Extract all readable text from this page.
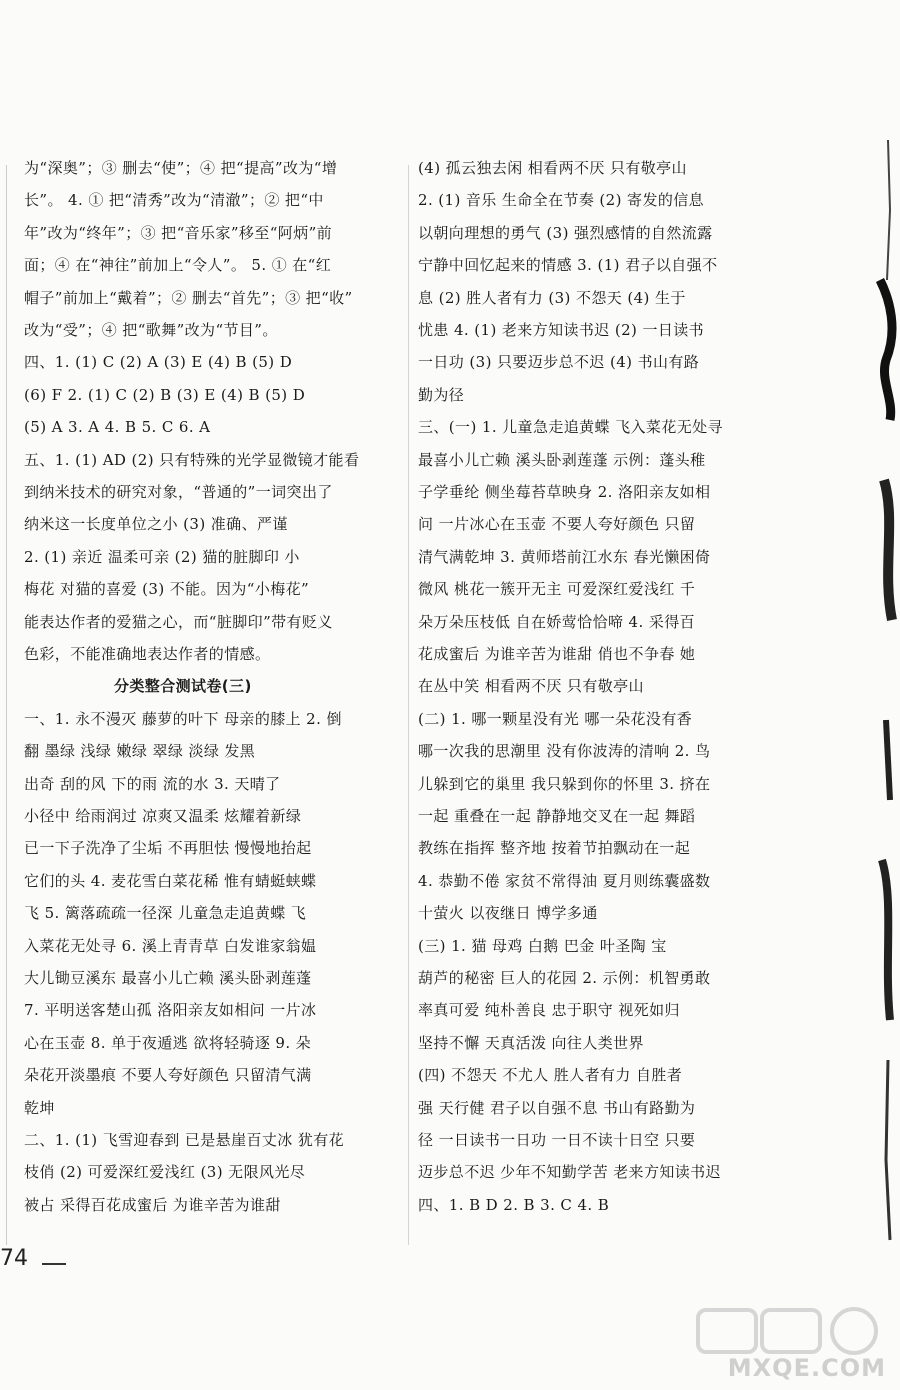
为“深奥”；③ 删去“使”；④ 把“提高”改为“增
长”。 4. ① 把“清秀”改为“清澈”；② 把“中
年”改为“终年”；③ 把“音乐家”移至“阿炳”前
面；④ 在“神往”前加上“令人”。 5. ① 在“红
帽子”前加上“戴着”；② 删去“首先”；③ 把“收”
改为“受”；④ 把“歌舞”改为“节目”。
四、1. (1) C (2) A (3) E (4) B (5) D
(6) F 2. (1) C (2) B (3) E (4) B (5) D
(5) A 3. A 4. B 5. C 6. A
五、1. (1) AD (2) 只有特殊的光学显微镜才能看
到纳米技术的研究对象，“普通的”一词突出了
纳米这一长度单位之小 (3) 准确、严谨
2. (1) 亲近 温柔可亲 (2) 猫的脏脚印 小
梅花 对猫的喜爱 (3) 不能。因为“小梅花”
能表达作者的爱猫之心，而“脏脚印”带有贬义
色彩，不能准确地表达作者的情感。
分类整合测试卷(三)
一、1. 永不漫灭 藤萝的叶下 母亲的膝上 2. 倒
翻 墨绿 浅绿 嫩绿 翠绿 淡绿 发黑
出奇 刮的风 下的雨 流的水 3. 天晴了
小径中 给雨润过 凉爽又温柔 炫耀着新绿
已一下子洗净了尘垢 不再胆怯 慢慢地抬起
它们的头 4. 麦花雪白菜花稀 惟有蜻蜓蛱蝶
飞 5. 篱落疏疏一径深 儿童急走追黄蝶 飞
入菜花无处寻 6. 溪上青青草 白发谁家翁媪
大儿锄豆溪东 最喜小儿亡赖 溪头卧剥莲蓬
7. 平明送客楚山孤 洛阳亲友如相问 一片冰
心在玉壶 8. 单于夜遁逃 欲将轻骑逐 9. 朵
朵花开淡墨痕 不要人夸好颜色 只留清气满
乾坤
二、1. (1) 飞雪迎春到 已是悬崖百丈冰 犹有花
枝俏 (2) 可爱深红爱浅红 (3) 无限风光尽
被占 采得百花成蜜后 为谁辛苦为谁甜
(4) 孤云独去闲 相看两不厌 只有敬亭山
2. (1) 音乐 生命全在节奏 (2) 寄发的信息
以朝向理想的勇气 (3) 强烈感情的自然流露
宁静中回忆起来的情感 3. (1) 君子以自强不
息 (2) 胜人者有力 (3) 不怨天 (4) 生于
忧患 4. (1) 老来方知读书迟 (2) 一日读书
一日功 (3) 只要迈步总不迟 (4) 书山有路
勤为径
三、(一) 1. 儿童急走追黄蝶 飞入菜花无处寻
最喜小儿亡赖 溪头卧剥莲蓬 示例：蓬头稚
子学垂纶 侧坐莓苔草映身 2. 洛阳亲友如相
问 一片冰心在玉壶 不要人夸好颜色 只留
清气满乾坤 3. 黄师塔前江水东 春光懒困倚
微风 桃花一簇开无主 可爱深红爱浅红 千
朵万朵压枝低 自在娇莺恰恰啼 4. 采得百
花成蜜后 为谁辛苦为谁甜 俏也不争春 她
在丛中笑 相看两不厌 只有敬亭山
(二) 1. 哪一颗星没有光 哪一朵花没有香
哪一次我的思潮里 没有你波涛的清响 2. 鸟
儿躲到它的巢里 我只躲到你的怀里 3. 挤在
一起 重叠在一起 静静地交叉在一起 舞蹈
教练在指挥 整齐地 按着节拍飘动在一起
4. 恭勤不倦 家贫不常得油 夏月则练囊盛数
十萤火 以夜继日 博学多通
(三) 1. 猫 母鸡 白鹅 巴金 叶圣陶 宝
葫芦的秘密 巨人的花园 2. 示例：机智勇敢
率真可爱 纯朴善良 忠于职守 视死如归
坚持不懈 天真活泼 向往人类世界
(四) 不怨天 不尤人 胜人者有力 自胜者
强 天行健 君子以自强不息 书山有路勤为
径 一日读书一日功 一日不读十日空 只要
迈步总不迟 少年不知勤学苦 老来方知读书迟
四、1. B D 2. B 3. C 4. B
74
MXQE.COM
